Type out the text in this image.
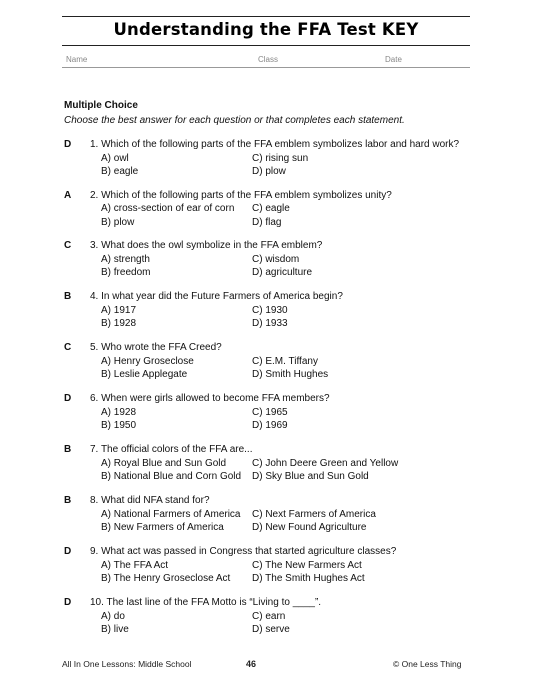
Understanding the FFA Test KEY
Name	Class	Date
Multiple Choice
Choose the best answer for each question or that completes each statement.
D 1. Which of the following parts of the FFA emblem symbolizes labor and hard work?
A) owl	C) rising sun
B) eagle	D) plow
A 2. Which of the following parts of the FFA emblem symbolizes unity?
A) cross-section of ear of corn C) eagle
B) plow	D) flag
C 3. What does the owl symbolize in the FFA emblem?
A) strength	C) wisdom
B) freedom	D) agriculture
B 4. In what year did the Future Farmers of America begin?
A) 1917	C) 1930
B) 1928	D) 1933
C 5. Who wrote the FFA Creed?
A) Henry Groseclose	C) E.M. Tiffany
B) Leslie Applegate	D) Smith Hughes
D 6. When were girls allowed to become FFA members?
A) 1928	C) 1965
B) 1950	D) 1969
B 7. The official colors of the FFA are...
A) Royal Blue and Sun Gold	C) John Deere Green and Yellow
B) National Blue and Corn Gold D) Sky Blue and Sun Gold
B 8. What did NFA stand for?
A) National Farmers of America C) Next Farmers of America
B) New Farmers of America	D) New Found Agriculture
D 9. What act was passed in Congress that started agriculture classes?
A) The FFA Act	C) The New Farmers Act
B) The Henry Groseclose Act D) The Smith Hughes Act
D 10. The last line of the FFA Motto is “Living to ____”.
A) do	C) earn
B) live	D) serve
All In One Lessons: Middle School	46	© One Less Thing
